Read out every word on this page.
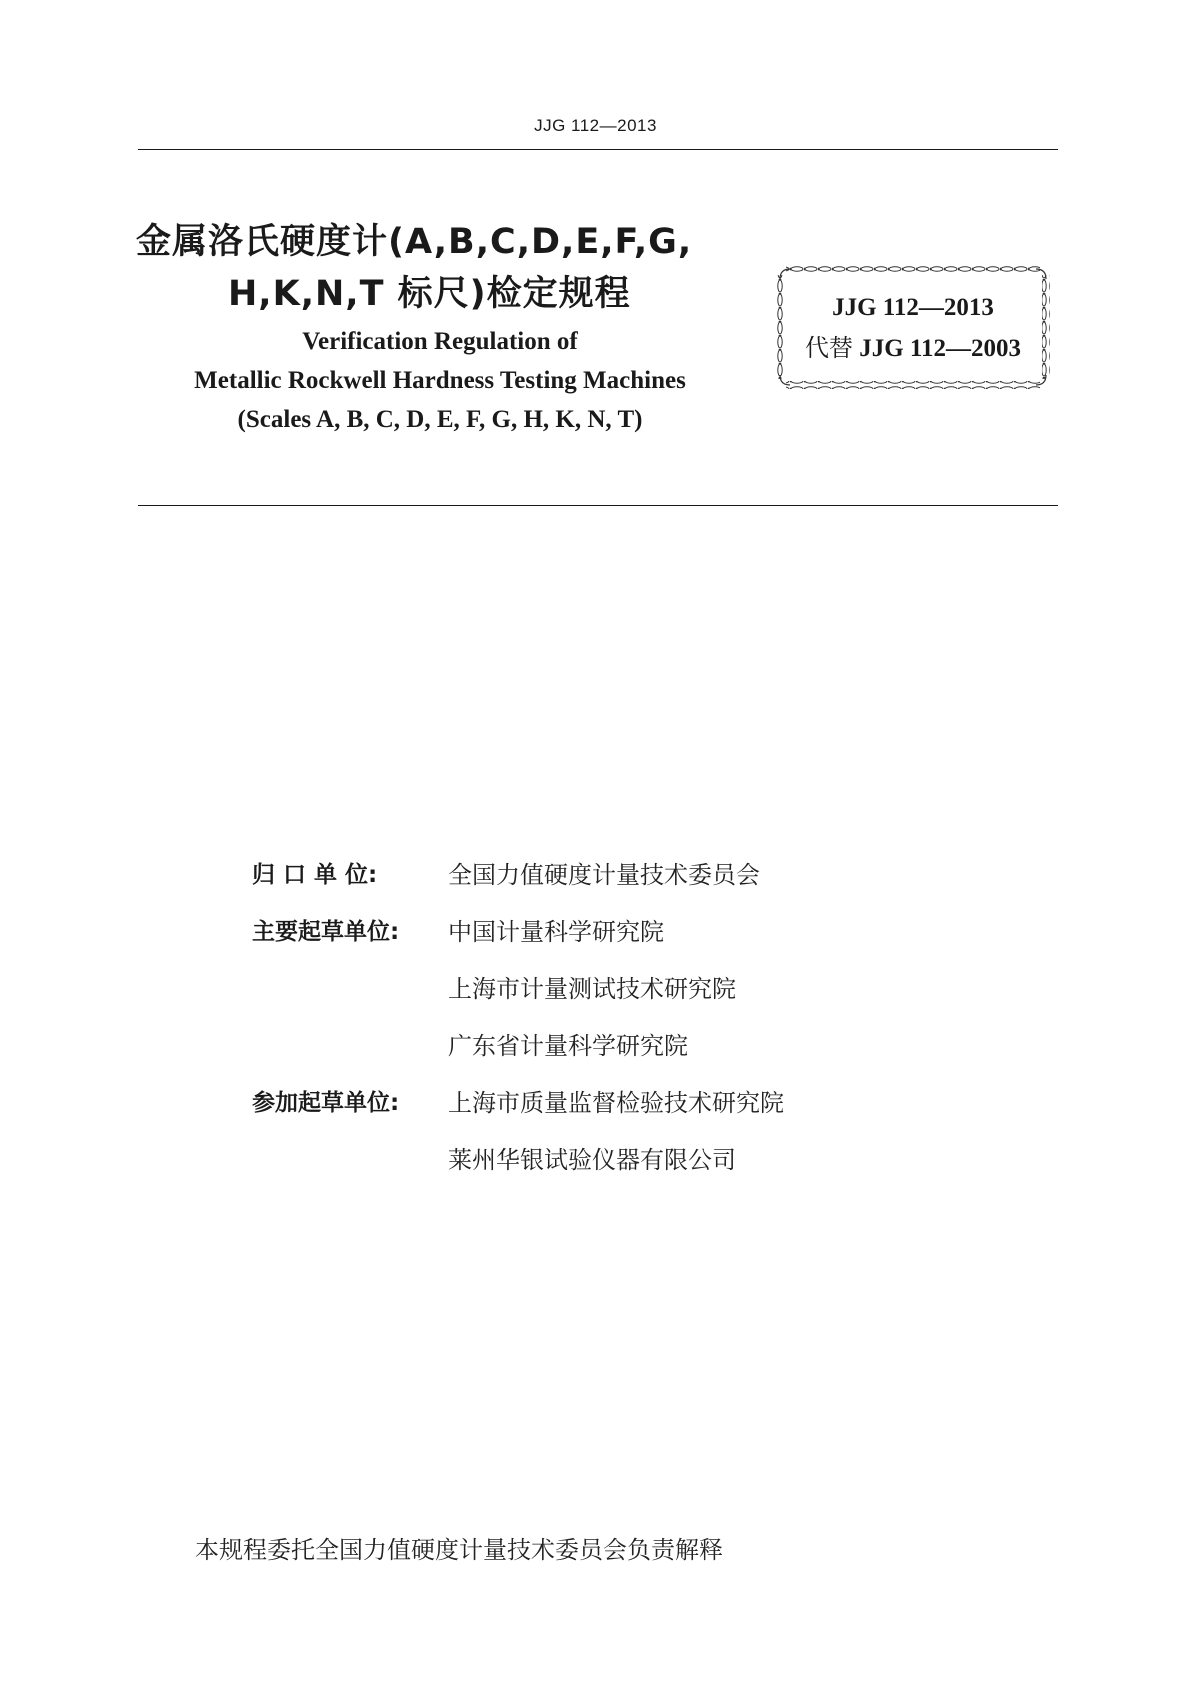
JJG 112—2013
金属洛氏硬度计(A,B,C,D,E,F,G,
H,K,N,T 标尺)检定规程
Verification Regulation of
Metallic Rockwell Hardness Testing Machines
(Scales A, B, C, D, E, F, G, H, K, N, T)
JJG 112—2013
代替 JJG 112—2003
归 口 单 位:	全国力值硬度计量技术委员会
主要起草单位: 中国计量科学研究院
上海市计量测试技术研究院
广东省计量科学研究院
参加起草单位: 上海市质量监督检验技术研究院
莱州华银试验仪器有限公司
本规程委托全国力值硬度计量技术委员会负责解释
